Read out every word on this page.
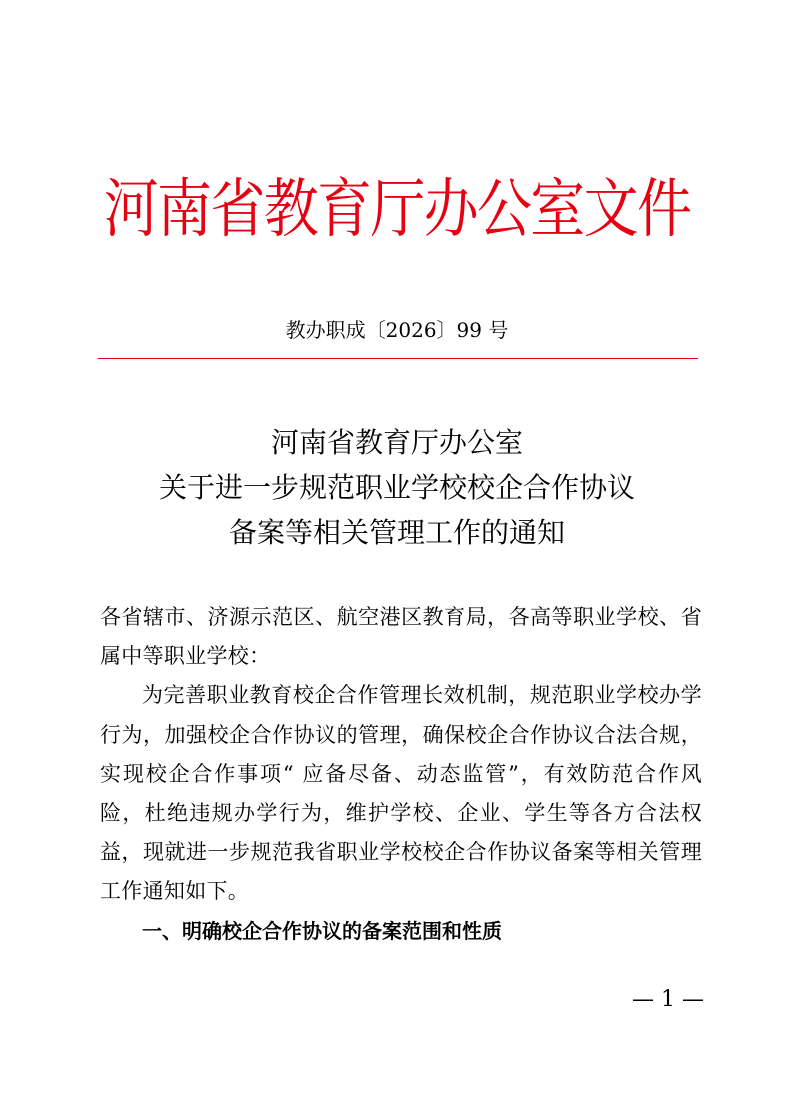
河南省教育厅办公室文件
教办职成〔2026〕99 号
河南省教育厅办公室
关于进一步规范职业学校校企合作协议
备案等相关管理工作的通知

各省辖市、济源示范区、航空港区教育局，各高等职业学校、省属中等职业学校：

为完善职业教育校企合作管理长效机制，规范职业学校办学行为，加强校企合作协议的管理，确保校企合作协议合法合规，实现校企合作事项“ 应备尽备、动态监管”，有效防范合作风险，杜绝违规办学行为，维护学校、企业、学生等各方合法权益，现就进一步规范我省职业学校校企合作协议备案等相关管理工作通知如下。

一、明确校企合作协议的备案范围和性质
— 1 —
